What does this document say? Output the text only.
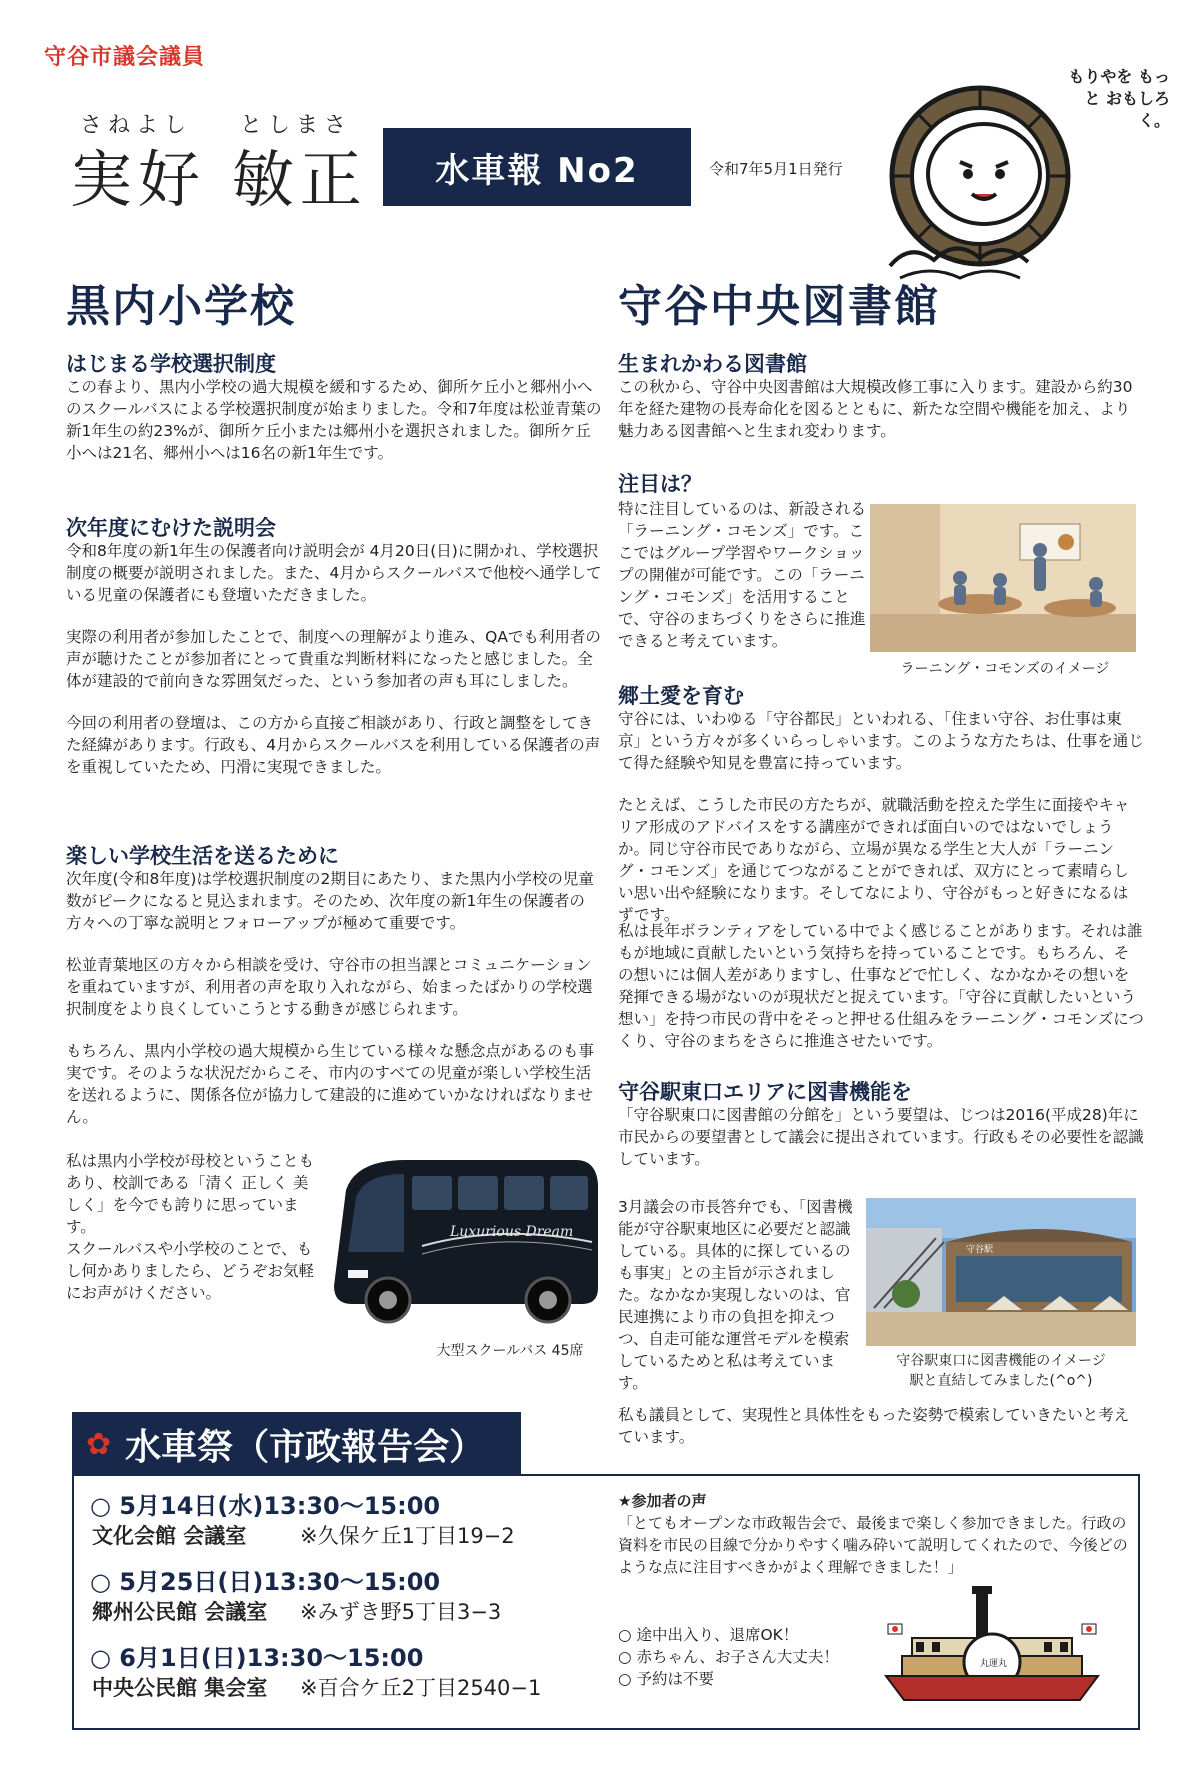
守谷市議会議員
さねよし としまさ
実好 敏正	水車報 No2	令和7年5月1日発行
もりやを もっと おもしろく。
黒内小学校
はじまる学校選択制度
この春より、黒内小学校の過大規模を緩和するため、御所ケ丘小と郷州小へのスクールバスによる学校選択制度が始まりました。令和7年度は松並青葉の新1年生の約23%が、御所ケ丘小または郷州小を選択されました。御所ケ丘小へは21名、郷州小へは16名の新1年生です。
次年度にむけた説明会
令和8年度の新1年生の保護者向け説明会が 4月20日(日)に開かれ、学校選択制度の概要が説明されました。また、4月からスクールバスで他校へ通学している児童の保護者にも登壇いただきました。
実際の利用者が参加したことで、制度への理解がより進み、QAでも利用者の声が聴けたことが参加者にとって貴重な判断材料になったと感じました。全体が建設的で前向きな雰囲気だった、という参加者の声も耳にしました。
今回の利用者の登壇は、この方から直接ご相談があり、行政と調整をしてきた経緯があります。行政も、4月からスクールバスを利用している保護者の声を重視していたため、円滑に実現できました。
楽しい学校生活を送るために
次年度(令和8年度)は学校選択制度の2期目にあたり、また黒内小学校の児童数がピークになると見込まれます。そのため、次年度の新1年生の保護者の方々への丁寧な説明とフォローアップが極めて重要です。
松並青葉地区の方々から相談を受け、守谷市の担当課とコミュニケーションを重ねていますが、利用者の声を取り入れながら、始まったばかりの学校選択制度をより良くしていこうとする動きが感じられます。
もちろん、黒内小学校の過大規模から生じている様々な懸念点があるのも事実です。そのような状況だからこそ、市内のすべての児童が楽しい学校生活を送れるように、関係各位が協力して建設的に進めていかなければなりません。
私は黒内小学校が母校ということもあり、校訓である「清く 正しく 美しく」を今でも誇りに思っています。
スクールバスや小学校のことで、もし何かありましたら、どうぞお気軽にお声がけください。
Luxurious Dream
大型スクールバス 45席
守谷中央図書館
生まれかわる図書館
この秋から、守谷中央図書館は大規模改修工事に入ります。建設から約30年を経た建物の長寿命化を図るとともに、新たな空間や機能を加え、より魅力ある図書館へと生まれ変わります。
注目は？
特に注目しているのは、新設される「ラーニング・コモンズ」です。ここではグループ学習やワークショップの開催が可能です。この「ラーニング・コモンズ」を活用することで、守谷のまちづくりをさらに推進できると考えています。
ラーニング・コモンズのイメージ
郷土愛を育む
守谷には、いわゆる「守谷都民」といわれる、「住まい守谷、お仕事は東京」という方々が多くいらっしゃいます。このような方たちは、仕事を通じて得た経験や知見を豊富に持っています。
たとえば、こうした市民の方たちが、就職活動を控えた学生に面接やキャリア形成のアドバイスをする講座ができれば面白いのではないでしょうか。同じ守谷市民でありながら、立場が異なる学生と大人が「ラーニング・コモンズ」を通じてつながることができれば、双方にとって素晴らしい思い出や経験になります。そしてなにより、守谷がもっと好きになるはずです。
私は長年ボランティアをしている中でよく感じることがあります。それは誰もが地域に貢献したいという気持ちを持っていることです。もちろん、その想いには個人差がありますし、仕事などで忙しく、なかなかその想いを発揮できる場がないのが現状だと捉えています。「守谷に貢献したいという想い」を持つ市民の背中をそっと押せる仕組みをラーニング・コモンズにつくり、守谷のまちをさらに推進させたいです。
守谷駅東口エリアに図書機能を
「守谷駅東口に図書館の分館を」という要望は、じつは2016(平成28)年に市民からの要望書として議会に提出されています。行政もその必要性を認識しています。
3月議会の市長答弁でも、「図書機能が守谷駅東地区に必要だと認識している。具体的に探しているのも事実」との主旨が示されました。なかなか実現しないのは、官民連携により市の負担を抑えつつ、自走可能な運営モデルを模索しているためと私は考えています。
守谷駅
守谷駅東口に図書機能のイメージ
駅と直結してみました(^o^)
私も議員として、実現性と具体性をもった姿勢で模索していきたいと考えています。
✿ 水車祭（市政報告会）
○ 5月14日(水)13:30〜15:00
文化会館 会議室	※久保ケ丘1丁目19−2
○ 5月25日(日)13:30〜15:00
郷州公民館 会議室 ※みずき野5丁目3−3
○ 6月1日(日)13:30〜15:00
中央公民館 集会室 ※百合ケ丘2丁目2540−1
★参加者の声
「とてもオープンな市政報告会で、最後まで楽しく参加できました。行政の資料を市民の目線で分かりやすく噛み砕いて説明してくれたので、今後どのような点に注目すべきかがよく理解できました！」
○ 途中出入り、退席OK！
○ 赤ちゃん、お子さん大丈夫！
○ 予約は不要
丸運丸
